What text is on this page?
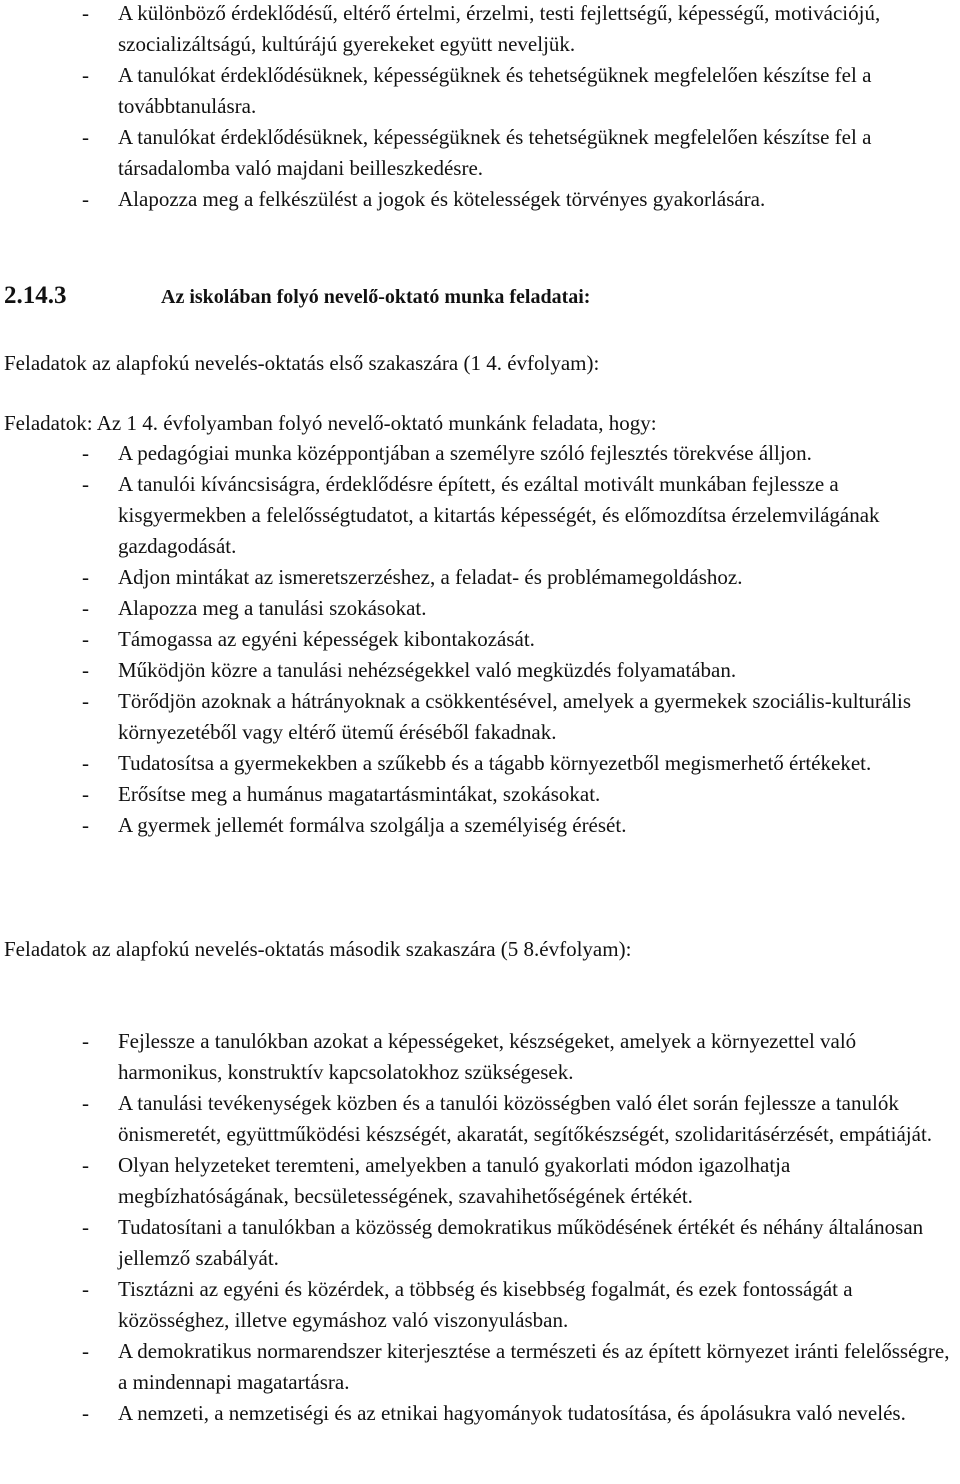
- A különböző érdeklődésű, eltérő értelmi, érzelmi, testi fejlettségű, képességű, motivációjú, szocializáltságú, kultúrájú gyerekeket együtt neveljük.
- A tanulókat érdeklődésüknek, képességüknek és tehetségüknek megfelelően készítse fel a továbbtanulásra.
- A tanulókat érdeklődésüknek, képességüknek és tehetségüknek megfelelően készítse fel a társadalomba való majdani beilleszkedésre.
- Alapozza meg a felkészülést a jogok és kötelességek törvényes gyakorlására.
2.14.3	Az iskolában folyó nevelő-oktató munka feladatai:
Feladatok az alapfokú nevelés-oktatás első szakaszára (1 4. évfolyam):
Feladatok: Az 1 4. évfolyamban folyó nevelő-oktató munkánk feladata, hogy:
- A pedagógiai munka középpontjában a személyre szóló fejlesztés törekvése álljon.
- A tanulói kíváncsiságra, érdeklődésre épített, és ezáltal motivált munkában fejlessze a kisgyermekben a felelősségtudatot, a kitartás képességét, és előmozdítsa érzelemvilágának gazdagodását.
- Adjon mintákat az ismeretszerzéshez, a feladat- és problémamegoldáshoz.
- Alapozza meg a tanulási szokásokat.
- Támogassa az egyéni képességek kibontakozását.
- Működjön közre a tanulási nehézségekkel való megküzdés folyamatában.
- Törődjön azoknak a hátrányoknak a csökkentésével, amelyek a gyermekek szociális-kulturális környezetéből vagy eltérő ütemű éréséből fakadnak.
- Tudatosítsa a gyermekekben a szűkebb és a tágabb környezetből megismerhető értékeket.
- Erősítse meg a humánus magatartásmintákat, szokásokat.
- A gyermek jellemét formálva szolgálja a személyiség érését.
Feladatok az alapfokú nevelés-oktatás második szakaszára (5 8.évfolyam):
- Fejlessze a tanulókban azokat a képességeket, készségeket, amelyek a környezettel való harmonikus, konstruktív kapcsolatokhoz szükségesek.
- A tanulási tevékenységek közben és a tanulói közösségben való élet során fejlessze a tanulók önismeretét, együttműködési készségét, akaratát, segítőkészségét, szolidaritásérzését, empátiáját.
- Olyan helyzeteket teremteni, amelyekben a tanuló gyakorlati módon igazolhatja megbízhatóságának, becsületességének, szavahihetőségének értékét.
- Tudatosítani a tanulókban a közösség demokratikus működésének értékét és néhány általánosan jellemző szabályát.
- Tisztázni az egyéni és közérdek, a többség és kisebbség fogalmát, és ezek fontosságát a közösséghez, illetve egymáshoz való viszonyulásban.
- A demokratikus normarendszer kiterjesztése a természeti és az épített környezet iránti felelősségre, a mindennapi magatartásra.
- A nemzeti, a nemzetiségi és az etnikai hagyományok tudatosítása, és ápolásukra való nevelés.
